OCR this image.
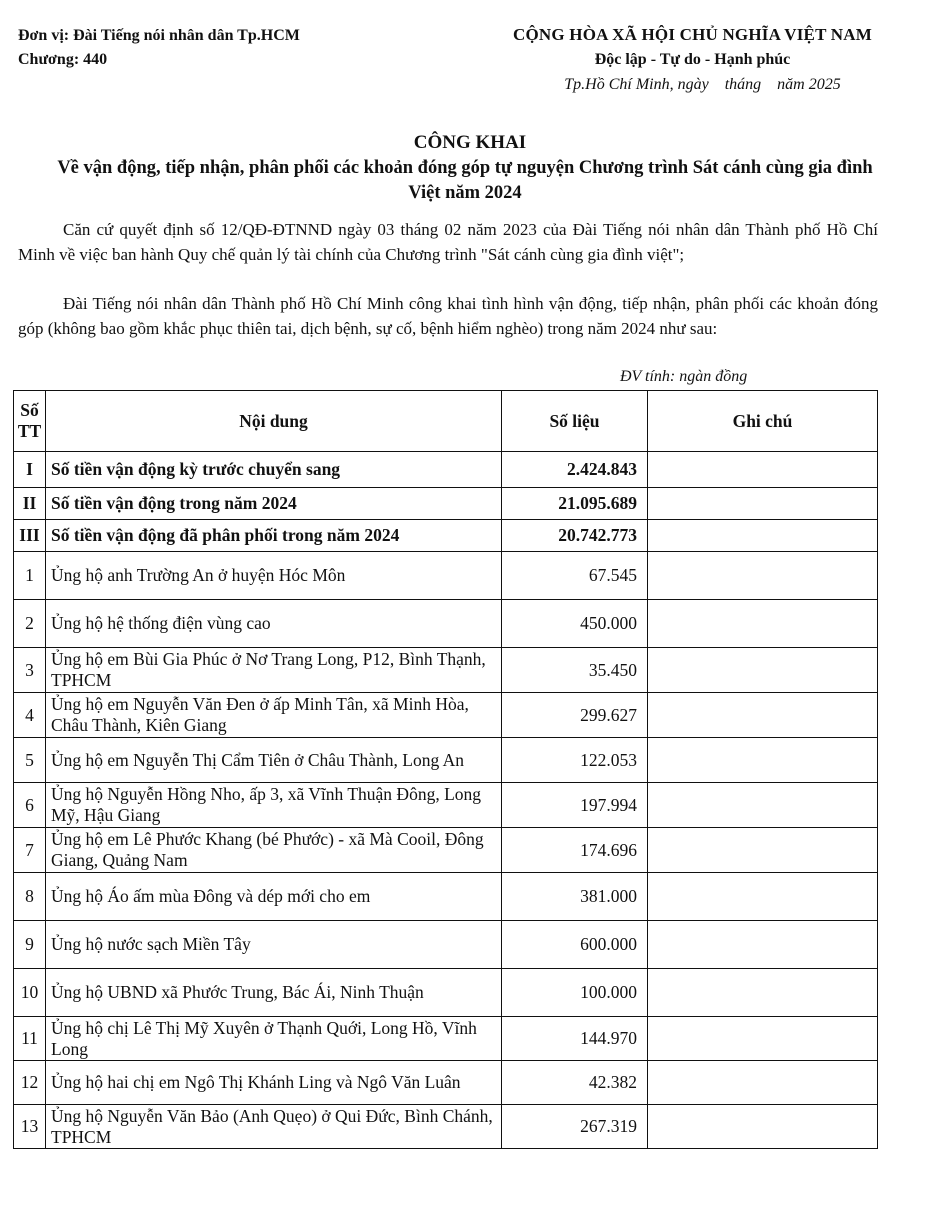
Đơn vị: Đài Tiếng nói nhân dân Tp.HCM
Chương: 440
CỘNG HÒA XÃ HỘI CHỦ NGHĨA VIỆT NAM
Độc lập - Tự do - Hạnh phúc
Tp.Hồ Chí Minh, ngày    tháng    năm 2025
CÔNG KHAI
Về vận động, tiếp nhận, phân phối các khoản đóng góp tự nguyện Chương trình Sát cánh cùng gia đình Việt năm 2024
Căn cứ quyết định số 12/QĐ-ĐTNND ngày 03 tháng 02 năm 2023 của Đài Tiếng nói nhân dân Thành phố Hồ Chí Minh về việc ban hành Quy chế quản lý tài chính của Chương trình "Sát cánh cùng gia đình việt";
Đài Tiếng nói nhân dân Thành phố Hồ Chí Minh công khai tình hình vận động, tiếp nhận, phân phối các khoản đóng góp (không bao gồm khắc phục thiên tai, dịch bệnh, sự cố, bệnh hiểm nghèo) trong năm 2024 như sau:
ĐV tính: ngàn đồng
Số TT	Nội dung	Số liệu	Ghi chú
I	Số tiền vận động kỳ trước chuyển sang	2.424.843	
II	Số tiền vận động trong năm 2024	21.095.689	
III	Số tiền vận động đã phân phối trong năm 2024	20.742.773	
1	Ủng hộ anh Trường An ở huyện Hóc Môn	67.545	
2	Ủng hộ hệ thống điện vùng cao	450.000	
3	Ủng hộ em Bùi Gia Phúc ở Nơ Trang Long, P12, Bình Thạnh, TPHCM	35.450	
4	Ủng hộ em Nguyễn Văn Đen ở ấp Minh Tân, xã Minh Hòa, Châu Thành, Kiên Giang	299.627	
5	Ủng hộ em Nguyễn Thị Cẩm Tiên ở Châu Thành, Long An	122.053	
6	Ủng hộ Nguyễn Hồng Nho, ấp 3, xã Vĩnh Thuận Đông, Long Mỹ, Hậu Giang	197.994	
7	Ủng hộ em Lê Phước Khang (bé Phước) - xã Mà Cooil, Đông Giang, Quảng Nam	174.696	
8	Ủng hộ Áo ấm mùa Đông và dép mới cho em	381.000	
9	Ủng hộ nước sạch Miền Tây	600.000	
10	Ủng hộ UBND xã Phước Trung, Bác Ái, Ninh Thuận	100.000	
11	Ủng hộ chị Lê Thị Mỹ Xuyên ở Thạnh Quới, Long Hồ, Vĩnh Long	144.970	
12	Ủng hộ hai chị em Ngô Thị Khánh Ling và Ngô Văn Luân	42.382	
13	Ủng hộ Nguyễn Văn Bảo (Anh Quẹo) ở Qui Đức, Bình Chánh, TPHCM	267.319	
